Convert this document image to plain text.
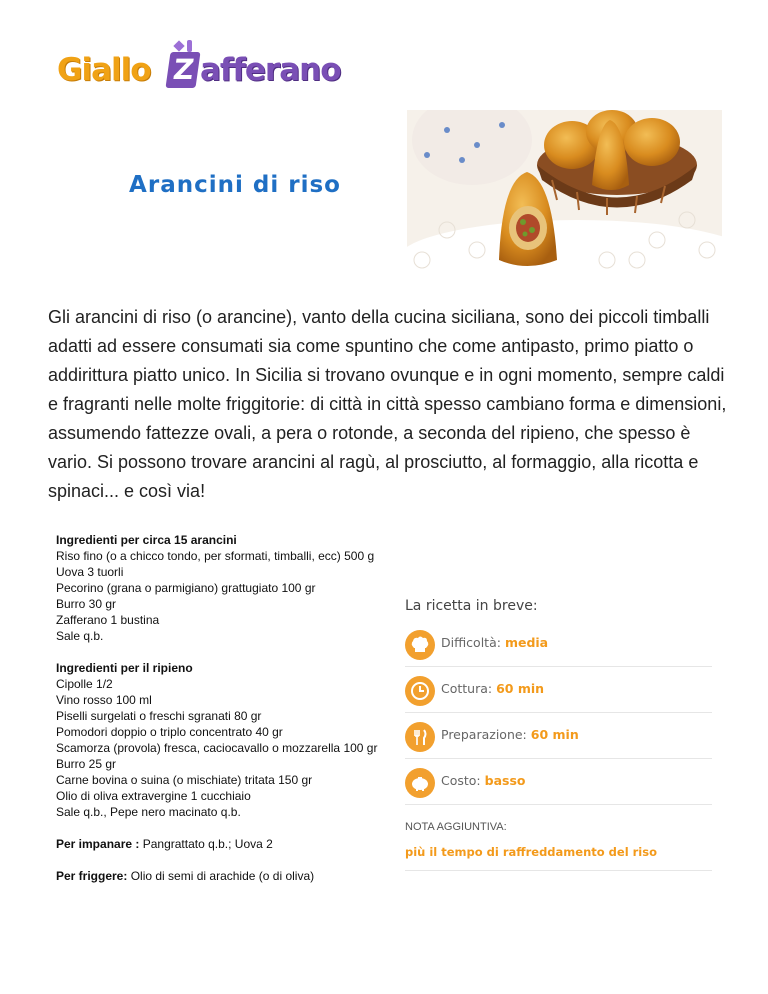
Giallo Z afferano
Arancini di riso

Gli arancini di riso (o arancine), vanto della cucina siciliana, sono dei piccoli timballi adatti ad essere consumati sia come spuntino che come antipasto, primo piatto o addirittura piatto unico. In Sicilia si trovano ovunque e in ogni momento, sempre caldi e fragranti nelle molte friggitorie: di città in città spesso cambiano forma e dimensioni, assumendo fattezze ovali, a pera o rotonde, a seconda del ripieno, che spesso è vario. Si possono trovare arancini al ragù, al prosciutto, al formaggio, alla ricotta e spinaci... e così via!

Ingredienti per circa 15 arancini
Riso fino (o a chicco tondo, per sformati, timballi, ecc) 500 g
Uova 3 tuorli
Pecorino (grana o parmigiano) grattugiato 100 gr
Burro 30 gr
Zafferano 1 bustina
Sale q.b.
Ingredienti per il ripieno
Cipolle 1/2
Vino rosso 100 ml
Piselli surgelati o freschi sgranati 80 gr
Pomodori doppio o triplo concentrato 40 gr
Scamorza (provola) fresca, caciocavallo o mozzarella 100 gr
Burro 25 gr
Carne bovina o suina (o mischiate) tritata 150 gr
Olio di oliva extravergine 1 cucchiaio
Sale q.b., Pepe nero macinato q.b.
Per impanare : Pangrattato q.b.; Uova 2
Per friggere: Olio di semi di arachide (o di oliva)

La ricetta in breve:

Difficoltà: media
Cottura: 60 min
Preparazione: 60 min
Costo: basso
NOTA AGGIUNTIVA:
più il tempo di raffreddamento del riso
